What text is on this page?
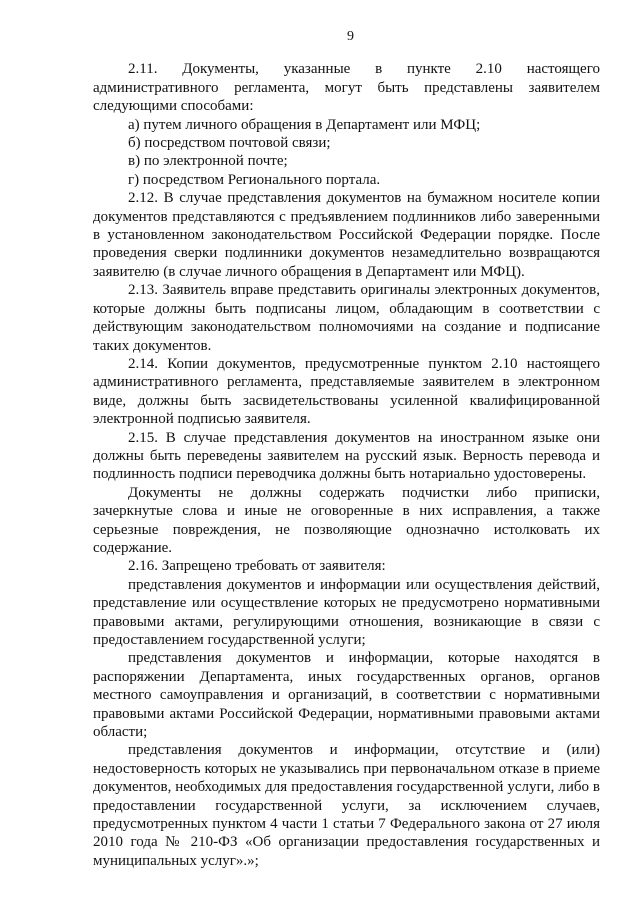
9

2.11. Документы, указанные в пункте 2.10 настоящего административного регламента, могут быть представлены заявителем следующими способами:

а) путем личного обращения в Департамент или МФЦ;

б) посредством почтовой связи;

в) по электронной почте;

г) посредством Регионального портала.

2.12. В случае представления документов на бумажном носителе копии документов представляются с предъявлением подлинников либо заверенными в установленном законодательством Российской Федерации порядке. После проведения сверки подлинники документов незамедлительно возвращаются заявителю (в случае личного обращения в Департамент или МФЦ).

2.13. Заявитель вправе представить оригиналы электронных документов, которые должны быть подписаны лицом, обладающим в соответствии с действующим законодательством полномочиями на создание и подписание таких документов.

2.14. Копии документов, предусмотренные пунктом 2.10 настоящего административного регламента, представляемые заявителем в электронном виде, должны быть засвидетельствованы усиленной квалифицированной электронной подписью заявителя.

2.15. В случае представления документов на иностранном языке они должны быть переведены заявителем на русский язык. Верность перевода и подлинность подписи переводчика должны быть нотариально удостоверены.

Документы не должны содержать подчистки либо приписки, зачеркнутые слова и иные не оговоренные в них исправления, а также серьезные повреждения, не позволяющие однозначно истолковать их содержание.

2.16. Запрещено требовать от заявителя:

представления документов и информации или осуществления действий, представление или осуществление которых не предусмотрено нормативными правовыми актами, регулирующими отношения, возникающие в связи с предоставлением государственной услуги;

представления документов и информации, которые находятся в распоряжении Департамента, иных государственных органов, органов местного самоуправления и организаций, в соответствии с нормативными правовыми актами Российской Федерации, нормативными правовыми актами области;

представления документов и информации, отсутствие и (или) недостоверность которых не указывались при первоначальном отказе в приеме документов, необходимых для предоставления государственной услуги, либо в предоставлении государственной услуги, за исключением случаев, предусмотренных пунктом 4 части 1 статьи 7 Федерального закона от 27 июля 2010 года № 210-ФЗ «Об организации предоставления государственных и муниципальных услуг».»;
